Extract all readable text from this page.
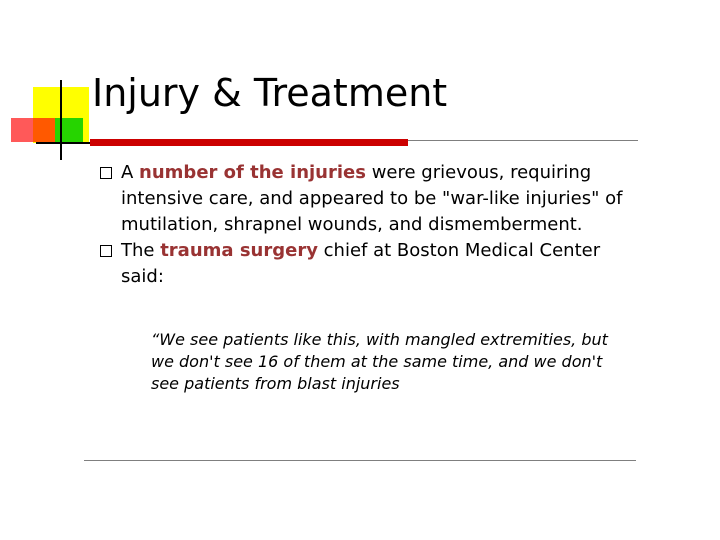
Injury & Treatment

A number of the injuries were grievous, requiring intensive care, and appeared to be "war-like injuries" of mutilation, shrapnel wounds, and dismemberment.

The trauma surgery chief at Boston Medical Center said:

“We see patients like this, with mangled extremities, but we don't see 16 of them at the same time, and we don't see patients from blast injuries
